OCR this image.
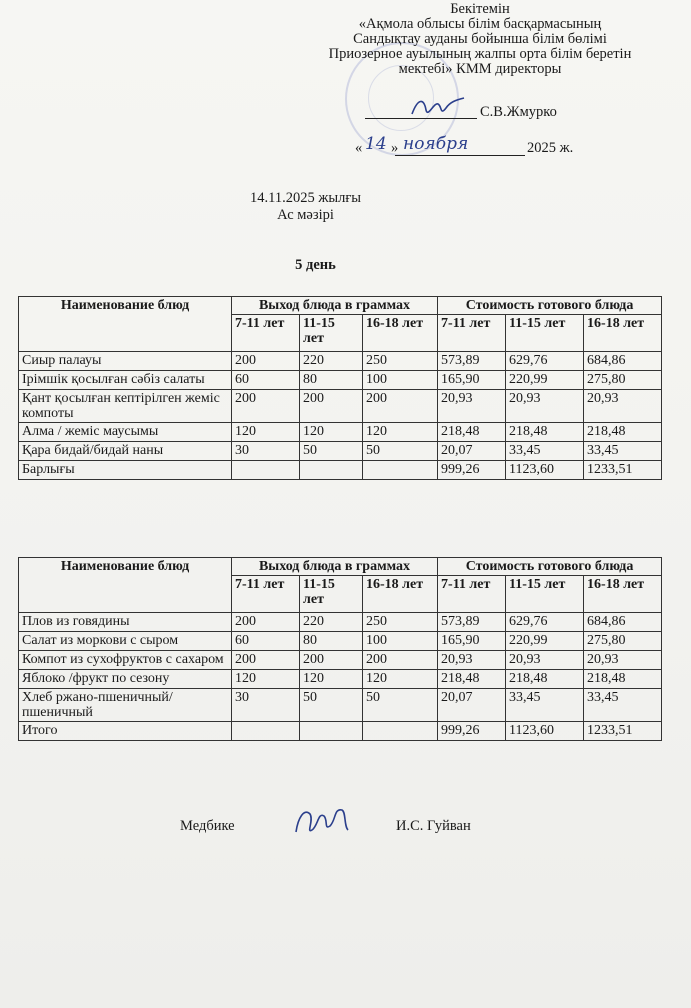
Бекітемін
«Ақмола облысы білім басқармасының
Сандықтау ауданы бойынша білім бөлімі
Приозерное ауылының жалпы орта білім беретін
мектебі» КММ директоры
С.В.Жмурко
« 14 » ноября	2025 ж.
14.11.2025 жылғы
Ас мәзірі
5 день
Наименование блюд	Выход блюда в граммах			Стоимость готового блюда		
	7-11 лет	11-15 лет	16-18 лет	7-11 лет	11-15 лет	16-18 лет
Сиыр палауы	200	220	250	573,89	629,76	684,86
Ірімшік қосылған сәбіз салаты	60	80	100	165,90	220,99	275,80
Қант қосылған кептірілген жеміс компоты	200	200	200	20,93	20,93	20,93
Алма / жеміс маусымы	120	120	120	218,48	218,48	218,48
Қара бидай/бидай наны	30	50	50	20,07	33,45	33,45
Барлығы				999,26	1123,60	1233,51
Наименование блюд	Выход блюда в граммах			Стоимость готового блюда		
	7-11 лет	11-15 лет	16-18 лет	7-11 лет	11-15 лет	16-18 лет
Плов из говядины	200	220	250	573,89	629,76	684,86
Салат из моркови с сыром	60	80	100	165,90	220,99	275,80
Компот из сухофруктов с сахаром	200	200	200	20,93	20,93	20,93
Яблоко /фрукт по сезону	120	120	120	218,48	218,48	218,48
Хлеб ржано-пшеничный/пшеничный	30	50	50	20,07	33,45	33,45
Итого				999,26	1123,60	1233,51
Медбике	И.С. Гуйван
